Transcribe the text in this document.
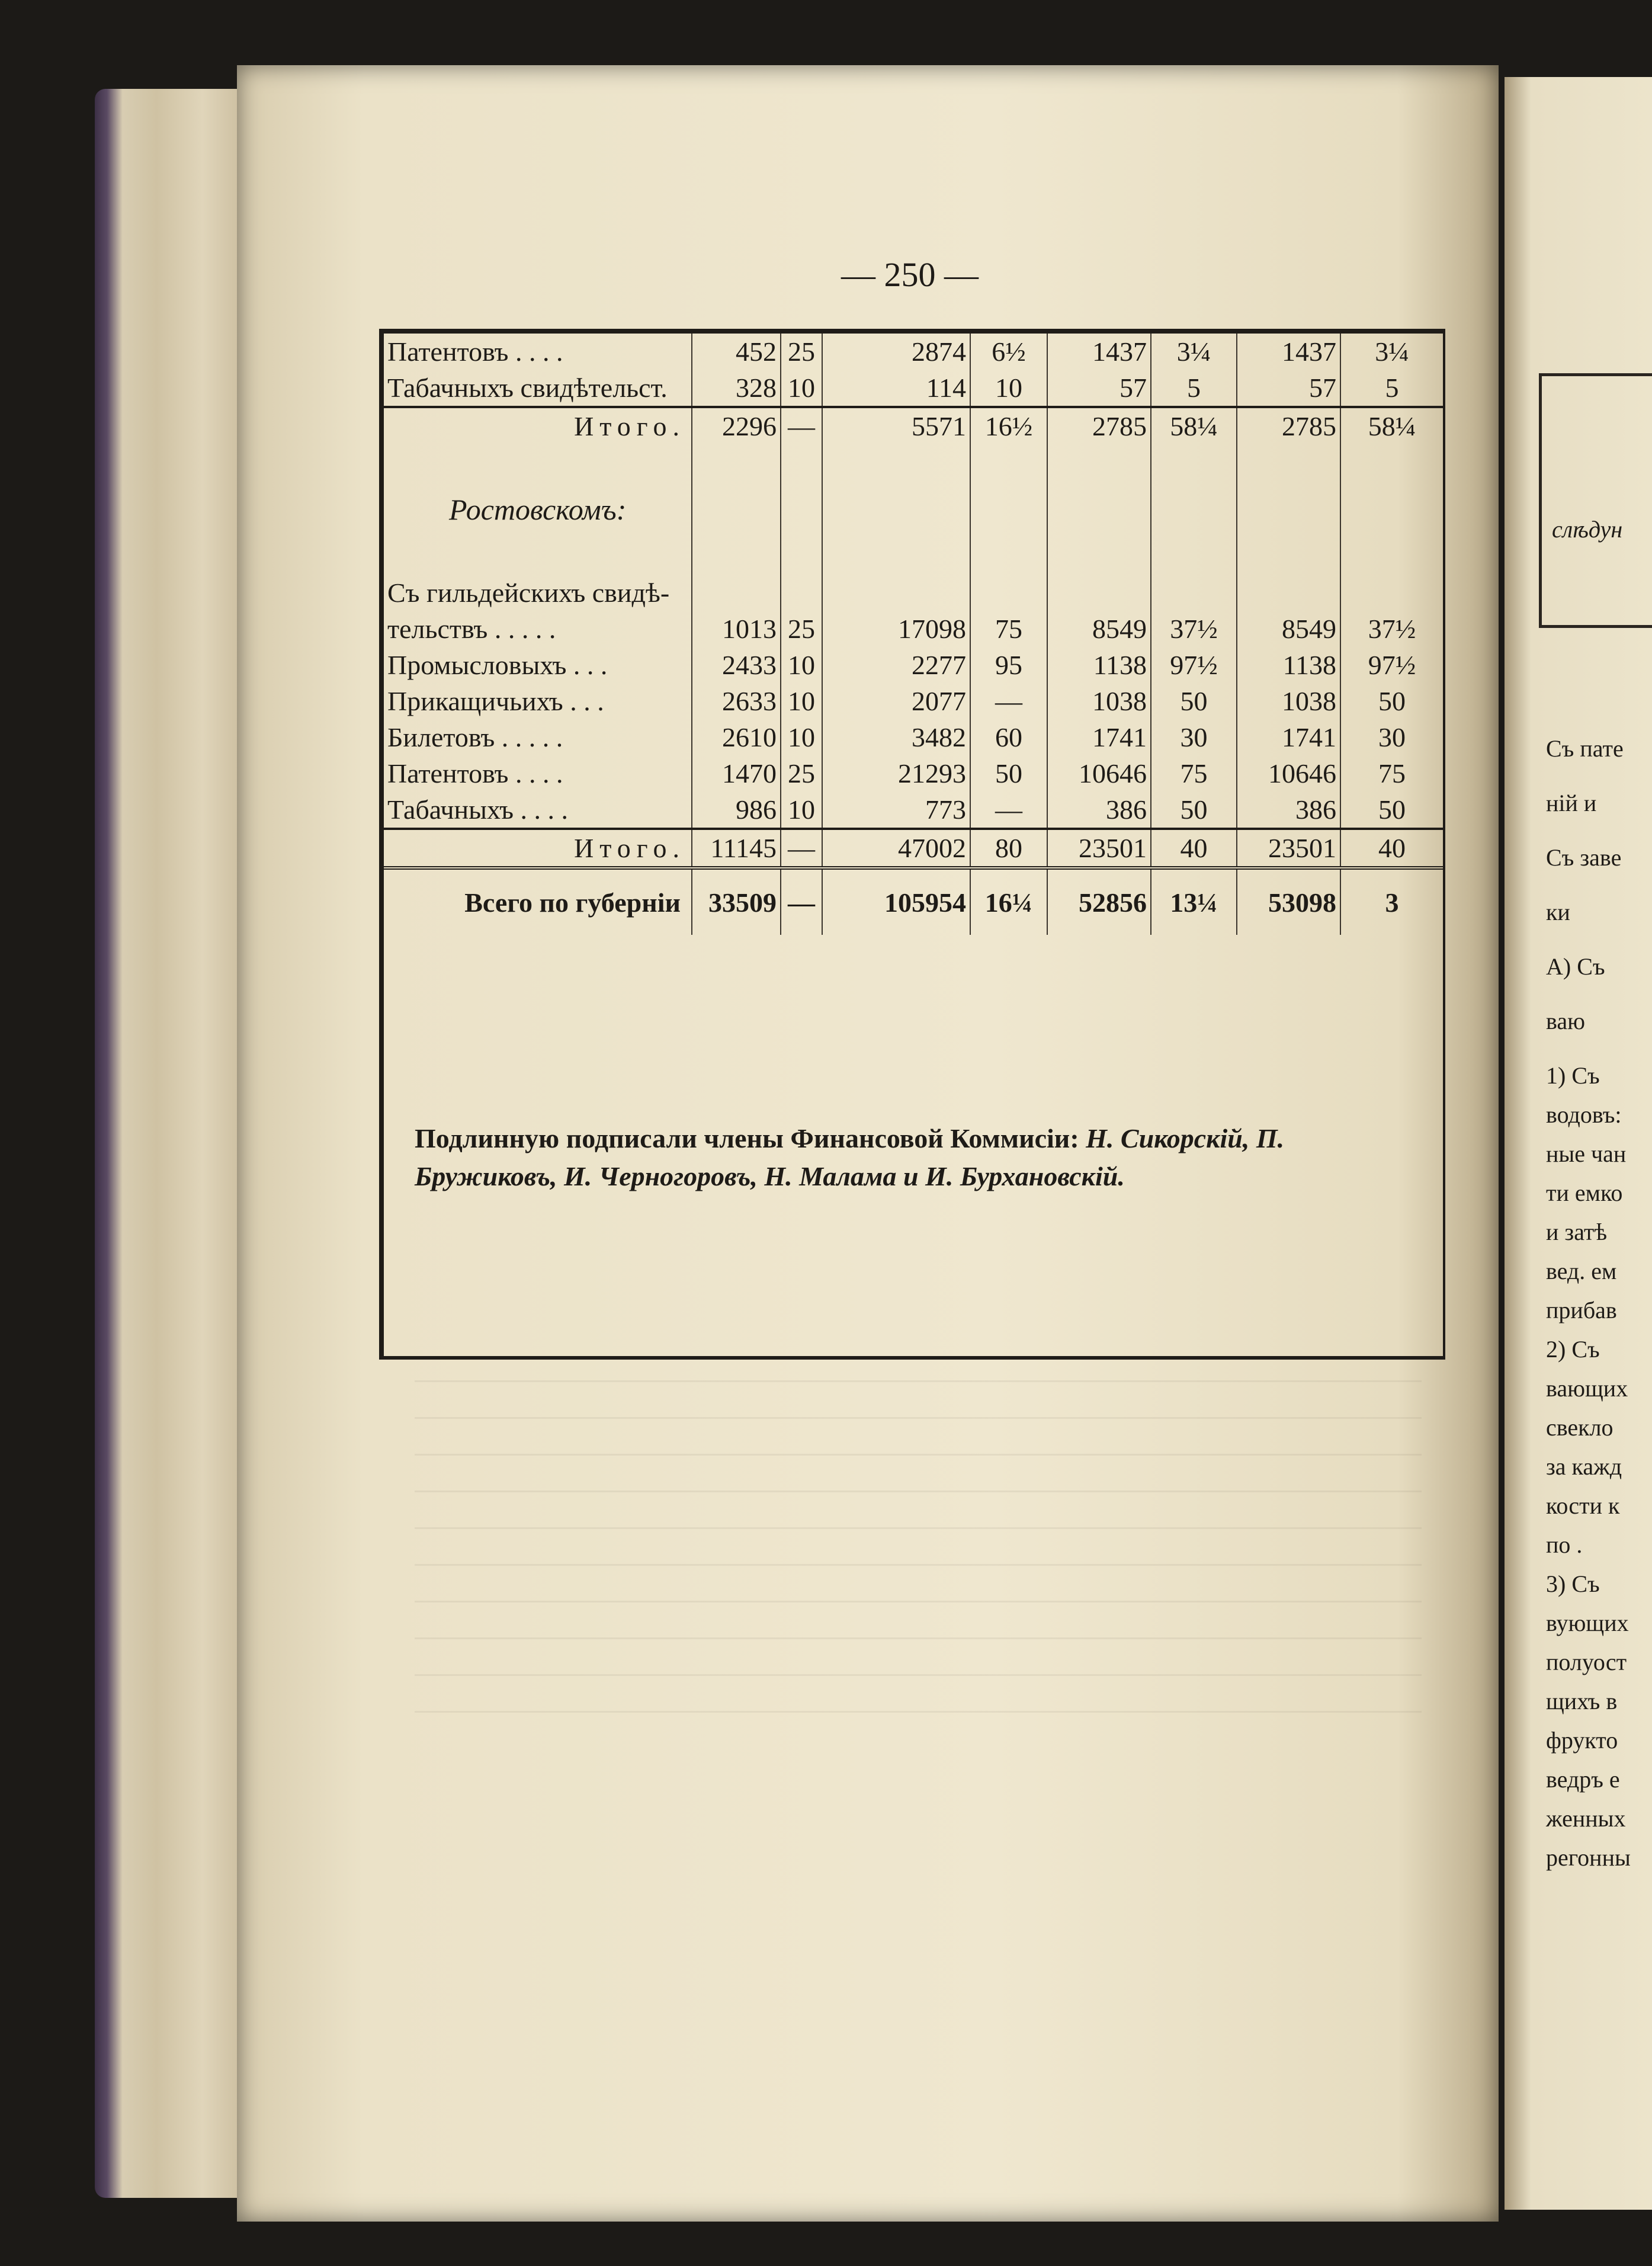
— 250 —
Патентовъ . . . .	452	25	2874	6½	1437	3¼	1437	3¼
Табачныхъ свидѣтельст.	328	10	114	10	57	5	57	5
Итого.	2296	—	5571	16½	2785	58¼	2785	58¼

Ростовскомъ:								

Съ гильдейскихъ свидѣ-								
тельствъ . . . . .	1013	25	17098	75	8549	37½	8549	37½
Промысловыхъ . . .	2433	10	2277	95	1138	97½	1138	97½
Прикащичьихъ . . .	2633	10	2077	—	1038	50	1038	50
Билетовъ . . . . .	2610	10	3482	60	1741	30	1741	30
Патентовъ . . . .	1470	25	21293	50	10646	75	10646	75
Табачныхъ . . . .	986	10	773	—	386	50	386	50
Итого.	11145	—	47002	80	23501	40	23501	40
Всего по губерніи	33509	—	105954	16¼	52856	13¼	53098	3
Подлинную подписали члены Финансовой Коммисіи: Н. Сикорскій, П. Бружиковъ, И. Черногоровъ, Н. Малама и И. Бурхановскій.
слѣдун
Съ пате
ній и
Съ заве
ки
А) Съ
ваю
1) Съ
водовъ:
ные чан
ти емко
и затѣ
вед. ем
прибав
2) Съ
вающих
свекло
за кажд
кости к
по .
3) Съ
вующих
полуост
щихъ в
фрукто
ведръ е
женных
регонны
